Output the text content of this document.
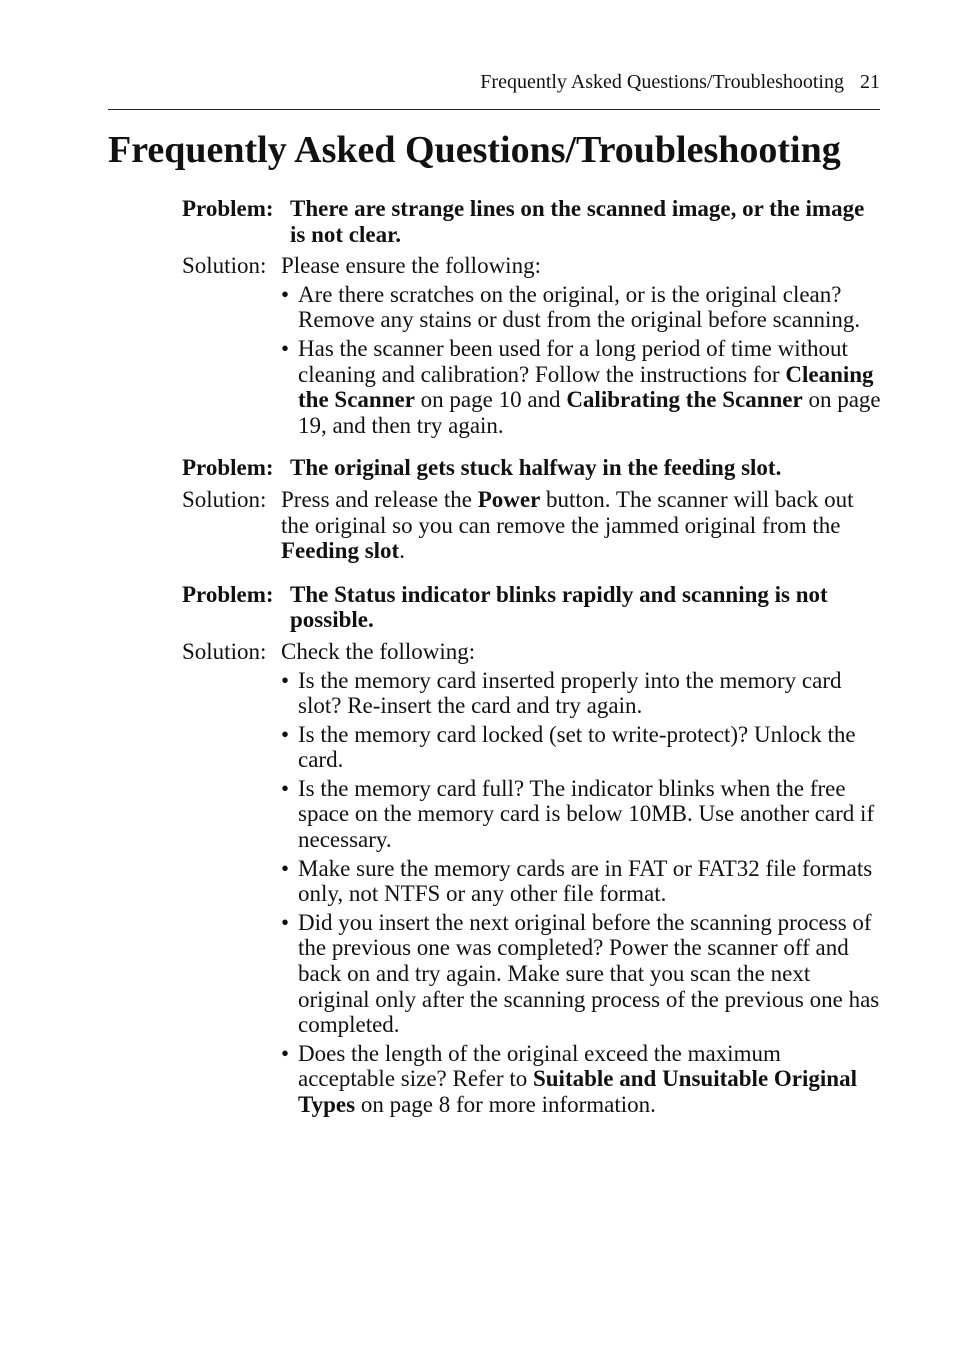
Frequently Asked Questions/Troubleshooting 21
Frequently Asked Questions/Troubleshooting
Problem: There are strange lines on the scanned image, or the image is not clear.
Solution: Please ensure the following:
• Are there scratches on the original, or is the original clean? Remove any stains or dust from the original before scanning.
• Has the scanner been used for a long period of time without cleaning and calibration? Follow the instructions for Cleaning the Scanner on page 10 and Calibrating the Scanner on page 19, and then try again.
Problem: The original gets stuck halfway in the feeding slot.
Solution: Press and release the Power button. The scanner will back out the original so you can remove the jammed original from the Feeding slot.
Problem: The Status indicator blinks rapidly and scanning is not possible.
Solution: Check the following:
• Is the memory card inserted properly into the memory card slot? Re-insert the card and try again.
• Is the memory card locked (set to write-protect)? Unlock the card.
• Is the memory card full? The indicator blinks when the free space on the memory card is below 10MB. Use another card if necessary.
• Make sure the memory cards are in FAT or FAT32 file formats only, not NTFS or any other file format.
• Did you insert the next original before the scanning process of the previous one was completed? Power the scanner off and back on and try again. Make sure that you scan the next original only after the scanning process of the previous one has completed.
• Does the length of the original exceed the maximum acceptable size? Refer to Suitable and Unsuitable Original Types on page 8 for more information.
